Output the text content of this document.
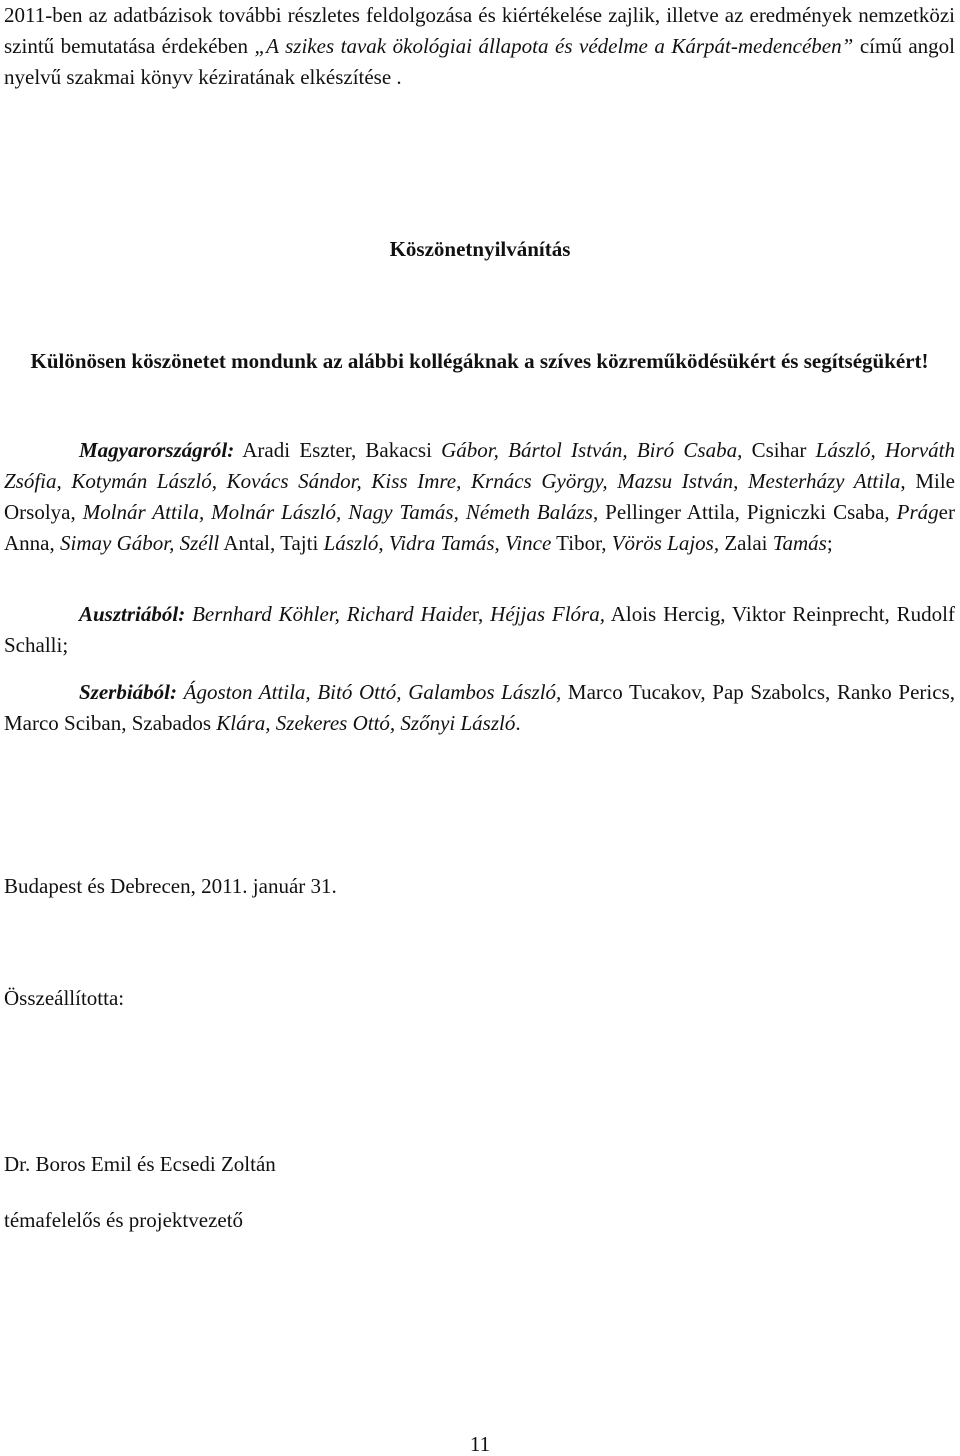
2011-ben az adatbázisok további részletes feldolgozása és kiértékelése zajlik, illetve az eredmények nemzetközi szintű bemutatása érdekében „A szikes tavak ökológiai állapota és védelme a Kárpát-medencében” című angol nyelvű szakmai könyv kéziratának elkészítése .
Köszönetnyilvánítás
Különösen köszönetet mondunk az alábbi kollégáknak a szíves közreműködésükért és segítségükért!
Magyarországról: Aradi Eszter, Bakacsi Gábor, Bártol István, Biró Csaba, Csihar László, Horváth Zsófia, Kotymán László, Kovács Sándor, Kiss Imre, Krnács György, Mazsu István, Mesterházy Attila, Mile Orsolya, Molnár Attila, Molnár László, Nagy Tamás, Németh Balázs, Pellinger Attila, Pigniczki Csaba, Práger Anna, Simay Gábor, Széll Antal, Tajti László, Vidra Tamás, Vince Tibor, Vörös Lajos, Zalai Tamás;
Ausztriából: Bernhard Köhler, Richard Haider, Héjjas Flóra, Alois Hercig, Viktor Reinprecht, Rudolf Schalli;
Szerbiából: Ágoston Attila, Bitó Ottó, Galambos László, Marco Tucakov, Pap Szabolcs, Ranko Perics, Marco Sciban, Szabados Klára, Szekeres Ottó, Szőnyi László.
Budapest és Debrecen, 2011. január 31.
Összeállította:
Dr. Boros Emil és Ecsedi Zoltán
témafelelős és projektvezető
11
